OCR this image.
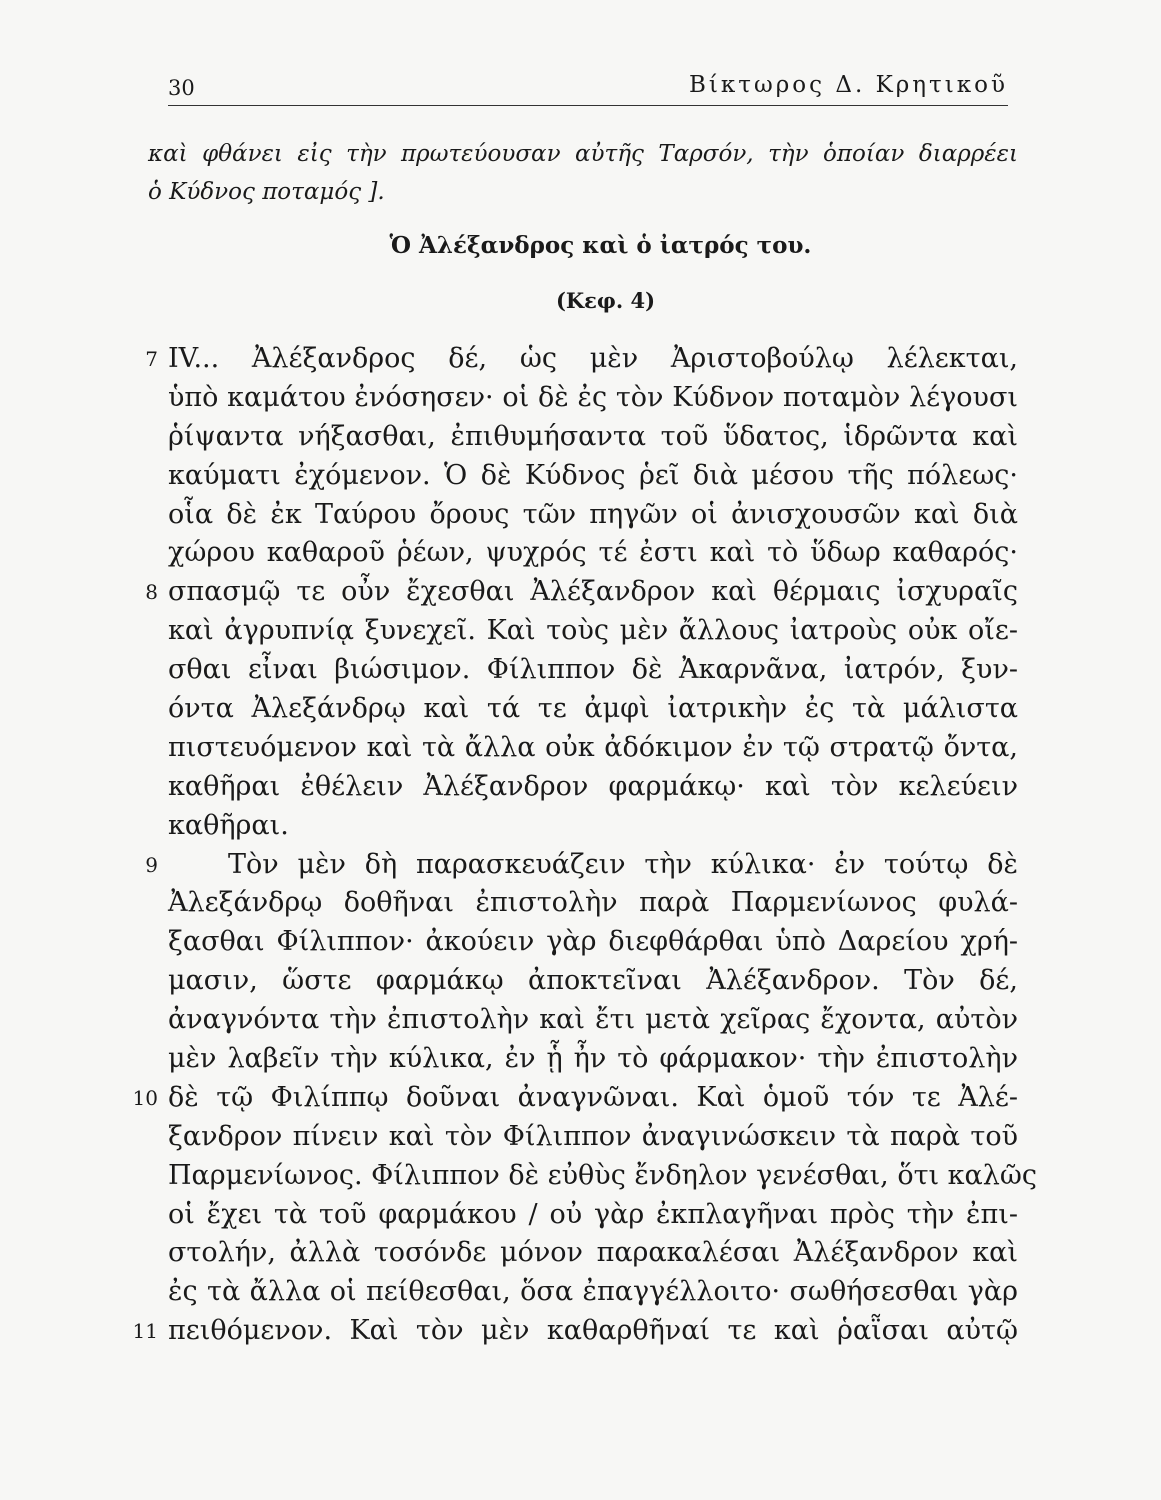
30	Βίκτωρος Δ. Κρητικοῦ
καὶ φθάνει εἰς τὴν πρωτεύουσαν αὐτῆς Ταρσόν, τὴν ὁποίαν διαρρέει
ὁ Κύδνος ποταμός ].
Ὁ Ἀλέξανδρος καὶ ὁ ἰατρός του.
(Κεφ. 4)
7 IV... Ἀλέξανδρος δέ, ὡς μὲν Ἀριστοβούλῳ λέλεκται,
ὑπὸ καμάτου ἐνόσησεν· οἱ δὲ ἐς τὸν Κύδνον ποταμὸν λέγουσι
ῥίψαντα νήξασθαι, ἐπιθυμήσαντα τοῦ ὕδατος, ἱδρῶντα καὶ
καύματι ἐχόμενον. Ὁ δὲ Κύδνος ῥεῖ διὰ μέσου τῆς πόλεως·
οἷα δὲ ἐκ Ταύρου ὄρους τῶν πηγῶν οἱ ἀνισχουσῶν καὶ διὰ
χώρου καθαροῦ ῥέων, ψυχρός τέ ἐστι καὶ τὸ ὕδωρ καθαρός·
8 σπασμῷ τε οὖν ἔχεσθαι Ἀλέξανδρον καὶ θέρμαις ἰσχυραῖς
καὶ ἀγρυπνίᾳ ξυνεχεῖ. Καὶ τοὺς μὲν ἄλλους ἰατροὺς οὐκ οἴε-
σθαι εἶναι βιώσιμον. Φίλιππον δὲ Ἀκαρνᾶνα, ἰατρόν, ξυν-
όντα Ἀλεξάνδρῳ καὶ τά τε ἀμφὶ ἰατρικὴν ἐς τὰ μάλιστα
πιστευόμενον καὶ τὰ ἄλλα οὐκ ἀδόκιμον ἐν τῷ στρατῷ ὄντα,
καθῆραι ἐθέλειν Ἀλέξανδρον φαρμάκῳ· καὶ τὸν κελεύειν
καθῆραι.
9	Τὸν μὲν δὴ παρασκευάζειν τὴν κύλικα· ἐν τούτῳ δὲ
Ἀλεξάνδρῳ δοθῆναι ἐπιστολὴν παρὰ Παρμενίωνος φυλά-
ξασθαι Φίλιππον· ἀκούειν γὰρ διεφθάρθαι ὑπὸ Δαρείου χρή-
μασιν, ὥστε φαρμάκῳ ἀποκτεῖναι Ἀλέξανδρον. Τὸν δέ,
ἀναγνόντα τὴν ἐπιστολὴν καὶ ἔτι μετὰ χεῖρας ἔχοντα, αὐτὸν
μὲν λαβεῖν τὴν κύλικα, ἐν ᾗ ἦν τὸ φάρμακον· τὴν ἐπιστολὴν
10 δὲ τῷ Φιλίππῳ δοῦναι ἀναγνῶναι. Καὶ ὁμοῦ τόν τε Ἀλέ-
ξανδρον πίνειν καὶ τὸν Φίλιππον ἀναγινώσκειν τὰ παρὰ τοῦ
Παρμενίωνος. Φίλιππον δὲ εὐθὺς ἔνδηλον γενέσθαι, ὅτι καλῶς
οἱ ἔχει τὰ τοῦ φαρμάκου / οὐ γὰρ ἐκπλαγῆναι πρὸς τὴν ἐπι-
στολήν, ἀλλὰ τοσόνδε μόνον παρακαλέσαι Ἀλέξανδρον καὶ
ἐς τὰ ἄλλα οἱ πείθεσθαι, ὅσα ἐπαγγέλλοιτο· σωθήσεσθαι γὰρ
11 πειθόμενον. Καὶ τὸν μὲν καθαρθῆναί τε καὶ ῥαῗσαι αὐτῷ
